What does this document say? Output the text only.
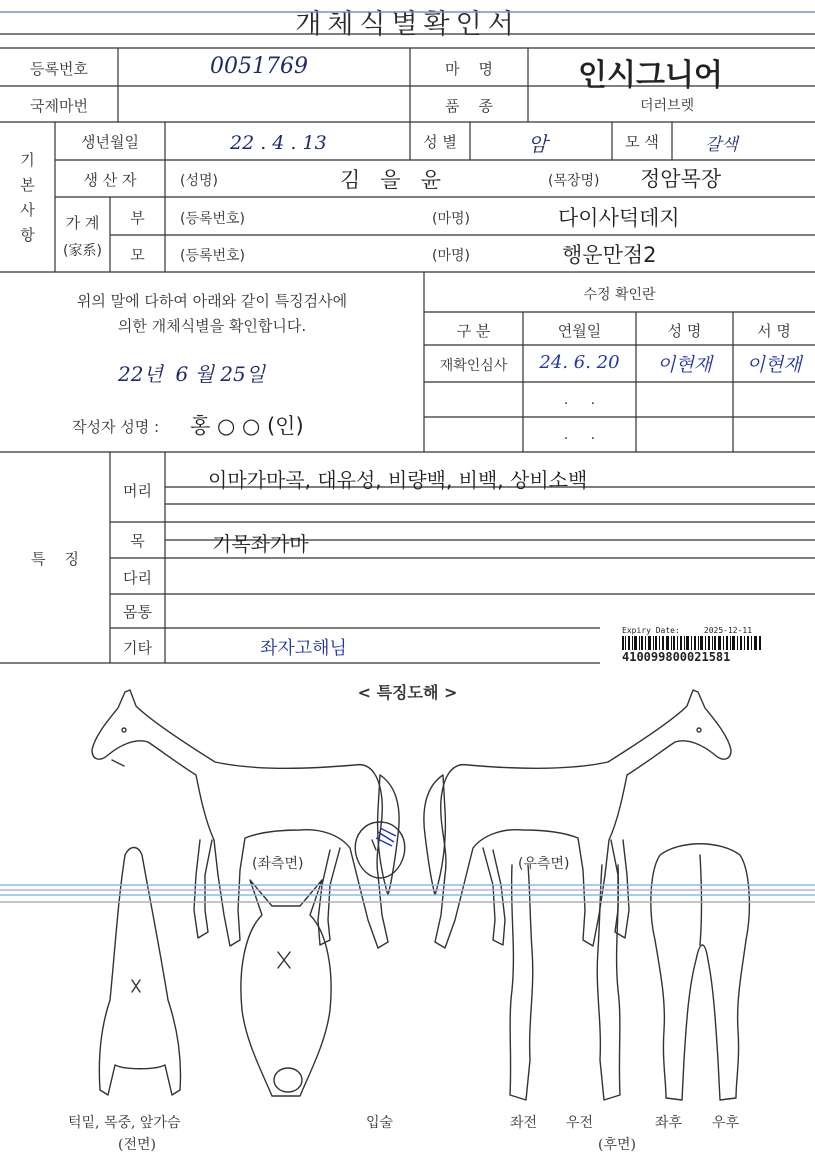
개체식별확인서
등록번호	0051769	마    명	인시그니어
국제마번	품    종	더러브렛
기
본
사
항
생년월일	22 . 4 . 13	성 별	암	모 색	갈색
생 산 자	(성명)	김   을   윤	(목장명) 정암목장
가 계
(家系)
부	(등록번호)	(마명)	다이사덕데지
모	(등록번호)	(마명)	행운만점2
위의 말에 다하여 아래와 같이 특징검사에
의한 개체식별을 확인합니다.
22년  6 월 25일
작성자 성명 : 홍 ○ ○ (인)
수정 확인란
구 분	연월일	성 명	서 명
재확인심사	24. 6. 20	이현재	이현재
.     .
.     .
특    징
머리	이마가마곡, 대유성, 비량백, 비백, 상비소백
목	기목좌가마
다리
몸통
기타	좌자고해님
Expiry Date:     2025-12-11
410099800021581
< 특징도해 >
(좌측면)	(우측면)
턱밑, 목중, 앞가슴
(전면)
입술	좌전 우전	좌후 우후
(후면)
